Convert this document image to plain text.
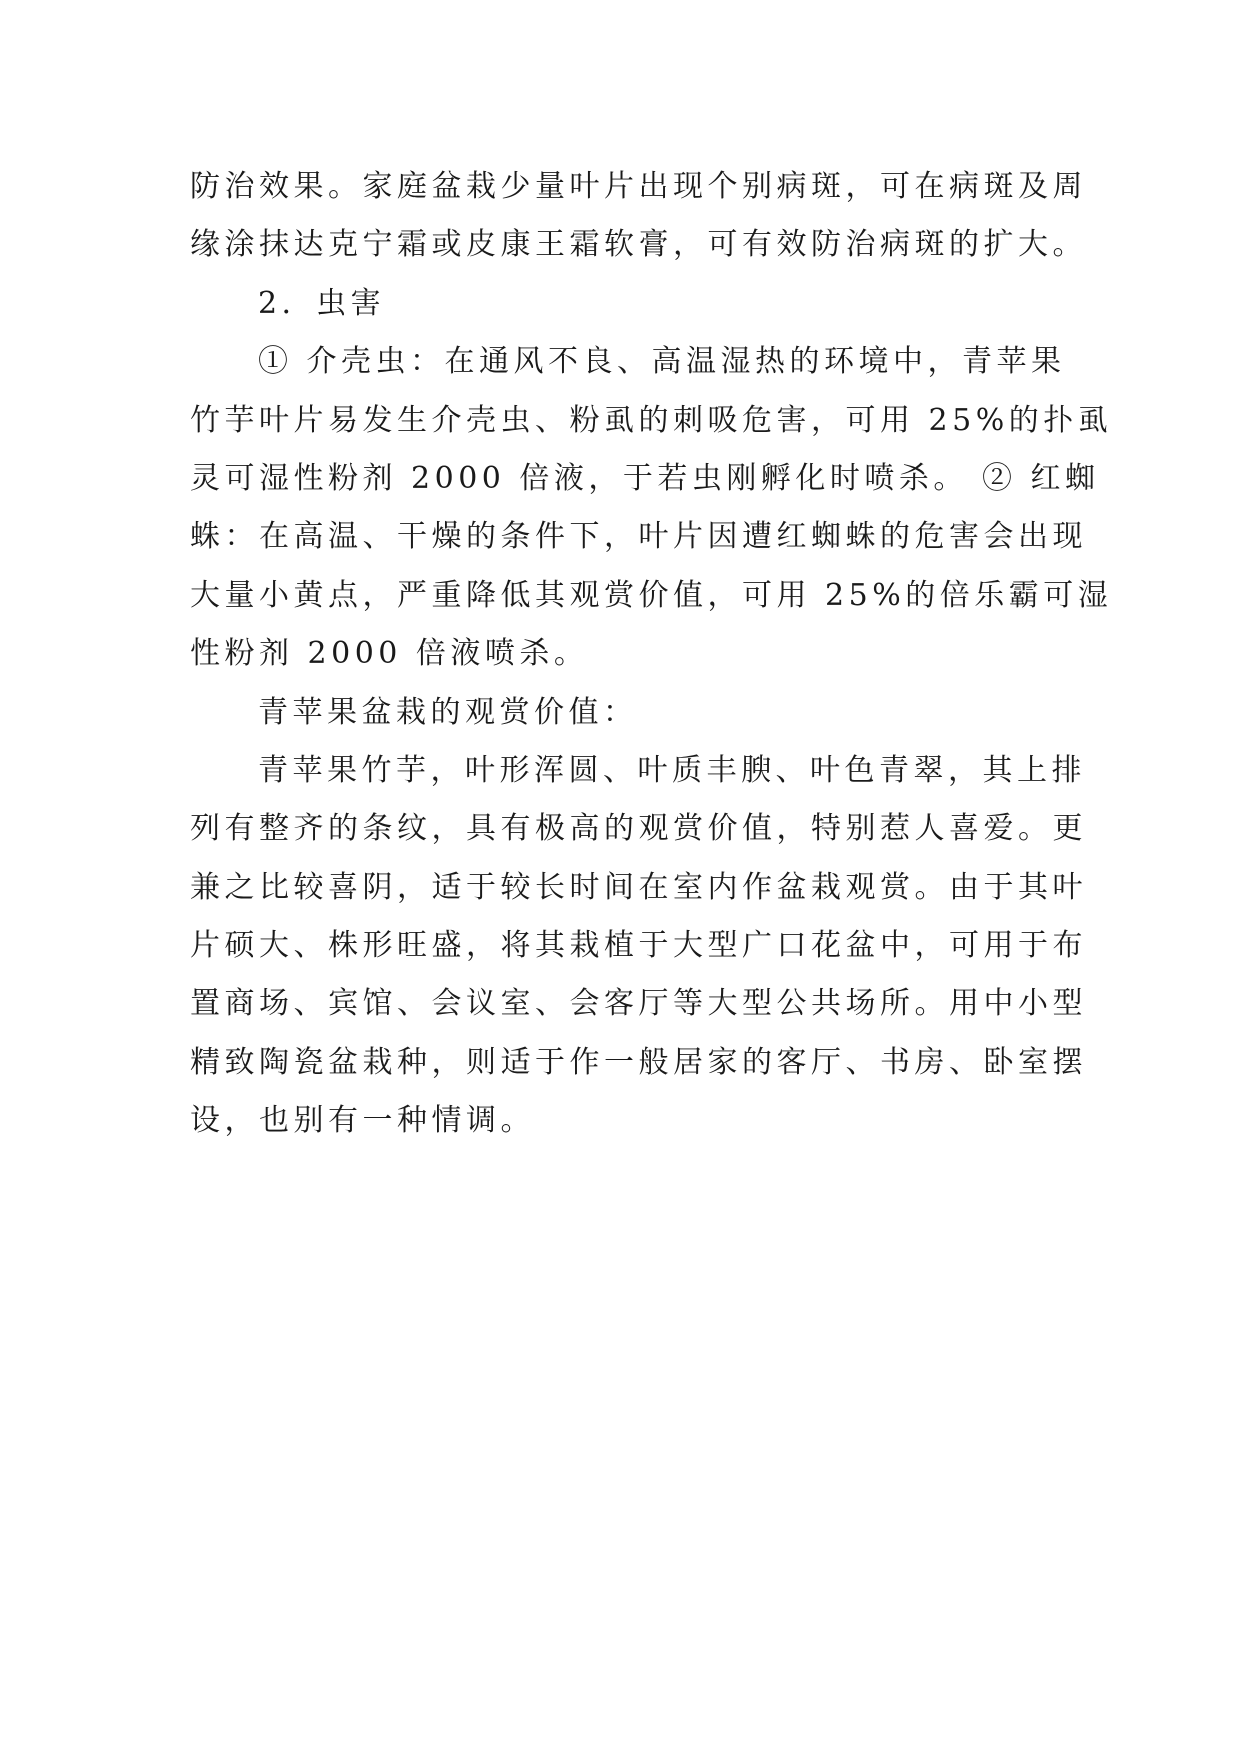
防治效果。家庭盆栽少量叶片出现个别病斑，可在病斑及周
缘涂抹达克宁霜或皮康王霜软膏，可有效防治病斑的扩大。
2．虫害
① 介壳虫：在通风不良、高温湿热的环境中，青苹果
竹芋叶片易发生介壳虫、粉虱的刺吸危害，可用 25%的扑虱
灵可湿性粉剂 2000 倍液，于若虫刚孵化时喷杀。 ② 红蜘
蛛：在高温、干燥的条件下，叶片因遭红蜘蛛的危害会出现
大量小黄点，严重降低其观赏价值，可用 25%的倍乐霸可湿
性粉剂 2000 倍液喷杀。
青苹果盆栽的观赏价值：
青苹果竹芋，叶形浑圆、叶质丰腴、叶色青翠，其上排
列有整齐的条纹，具有极高的观赏价值，特别惹人喜爱。更
兼之比较喜阴，适于较长时间在室内作盆栽观赏。由于其叶
片硕大、株形旺盛，将其栽植于大型广口花盆中，可用于布
置商场、宾馆、会议室、会客厅等大型公共场所。用中小型
精致陶瓷盆栽种，则适于作一般居家的客厅、书房、卧室摆
设，也别有一种情调。
